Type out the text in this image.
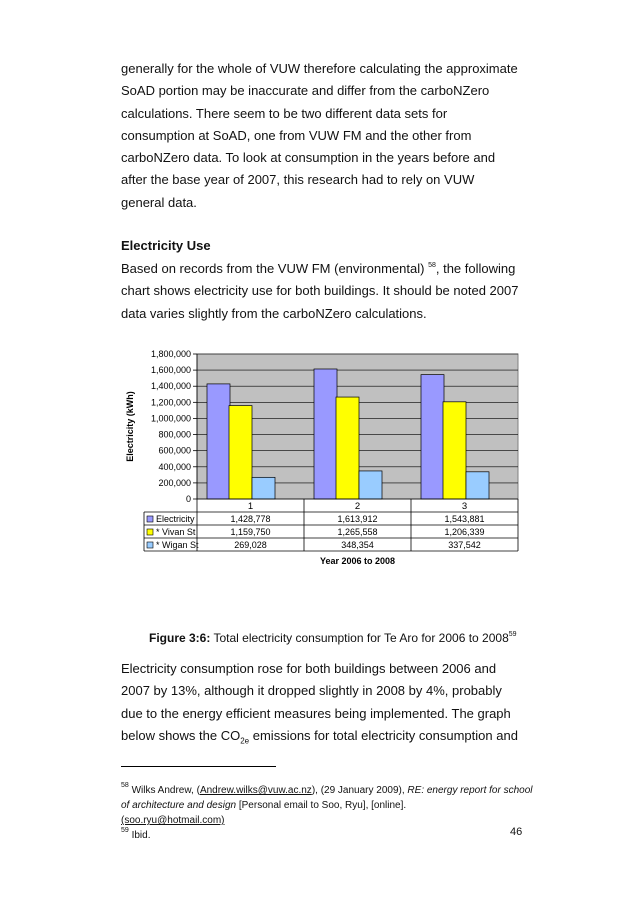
generally for the whole of VUW therefore calculating the approximate
SoAD portion may be inaccurate and differ from the carboNZero
calculations. There seem to be two different data sets for
consumption at SoAD, one from VUW FM and the other from
carboNZero data. To look at consumption in the years before and
after the base year of 2007, this research had to rely on VUW
general data.

Electricity Use

Based on records from the VUW FM (environmental) $^{58}$, the following
chart shows electricity use for both buildings. It should be noted 2007
data varies slightly from the carboNZero calculations.
0
200,000
400,000
600,000
800,000
1,000,000
1,200,000
1,400,000
1,600,000
1,800,000
Electricity (kWh)
1	2	3
Electricity	1,428,778	1,613,912	1,543,881
* Vivan St	1,159,750	1,265,558	1,206,339
* Wigan St	269,028	348,354	337,542
Year 2006 to 2008

Figure 3:6: Total electricity consumption for Te Aro for 2006 to 2008$^{59}$

Electricity consumption rose for both buildings between 2006 and
2007 by 13%, although it dropped slightly in 2008 by 4%, probably
due to the energy efficient measures being implemented. The graph
below shows the $CO_{2e}$ emissions for total electricity consumption and

$^{58}$ Wilks Andrew, (Andrew.wilks@vuw.ac.nz), (29 January 2009), RE: energy report for school of architecture and design [Personal email to Soo, Ryu], [online].
(soo.ryu@hotmail.com)

$^{59}$ Ibid.	46
